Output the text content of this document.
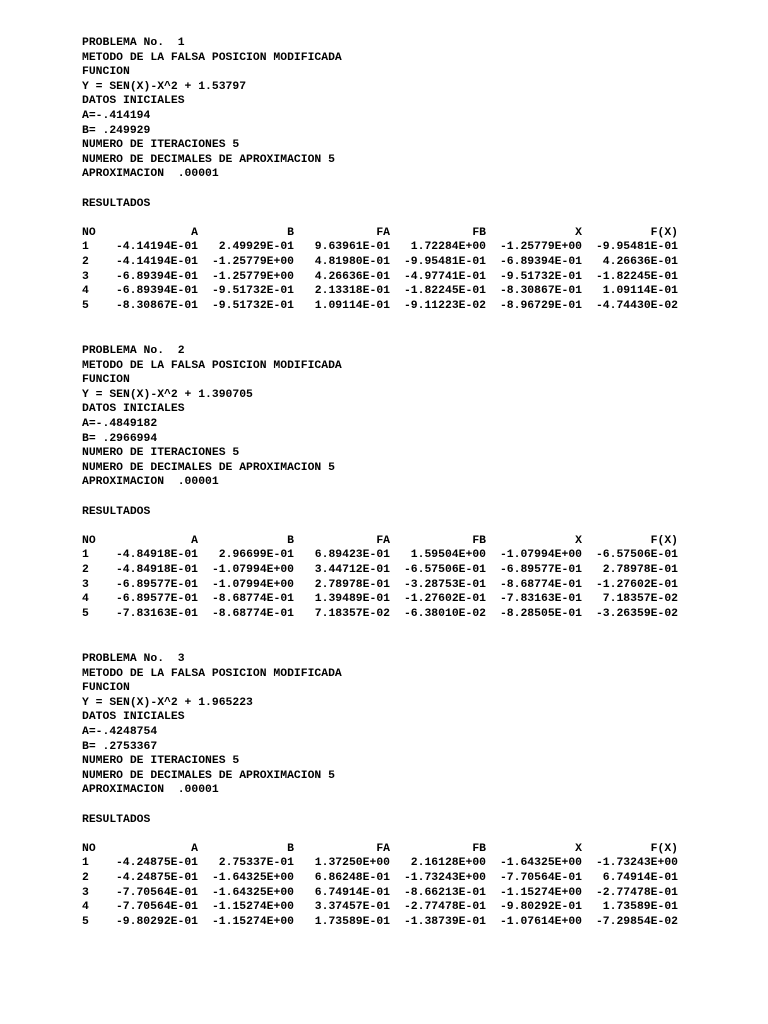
PROBLEMA No.  1
METODO DE LA FALSA POSICION MODIFICADA
FUNCION
Y = SEN(X)-X^2 + 1.53797
DATOS INICIALES
A=-.414194
B= .249929
NUMERO DE ITERACIONES 5
NUMERO DE DECIMALES DE APROXIMACION 5
APROXIMACION  .00001
RESULTADOS
NO	A	B	FA	FB	X	F(X)
1	-4.14194E-01	2.49929E-01	9.63961E-01	1.72284E+00	-1.25779E+00	-9.95481E-01
2	-4.14194E-01	-1.25779E+00	4.81980E-01	-9.95481E-01	-6.89394E-01	4.26636E-01
3	-6.89394E-01	-1.25779E+00	4.26636E-01	-4.97741E-01	-9.51732E-01	-1.82245E-01
4	-6.89394E-01	-9.51732E-01	2.13318E-01	-1.82245E-01	-8.30867E-01	1.09114E-01
5	-8.30867E-01	-9.51732E-01	1.09114E-01	-9.11223E-02	-8.96729E-01	-4.74430E-02
PROBLEMA No.  2
METODO DE LA FALSA POSICION MODIFICADA
FUNCION
Y = SEN(X)-X^2 + 1.390705
DATOS INICIALES
A=-.4849182
B= .2966994
NUMERO DE ITERACIONES 5
NUMERO DE DECIMALES DE APROXIMACION 5
APROXIMACION  .00001
RESULTADOS
NO	A	B	FA	FB	X	F(X)
1	-4.84918E-01	2.96699E-01	6.89423E-01	1.59504E+00	-1.07994E+00	-6.57506E-01
2	-4.84918E-01	-1.07994E+00	3.44712E-01	-6.57506E-01	-6.89577E-01	2.78978E-01
3	-6.89577E-01	-1.07994E+00	2.78978E-01	-3.28753E-01	-8.68774E-01	-1.27602E-01
4	-6.89577E-01	-8.68774E-01	1.39489E-01	-1.27602E-01	-7.83163E-01	7.18357E-02
5	-7.83163E-01	-8.68774E-01	7.18357E-02	-6.38010E-02	-8.28505E-01	-3.26359E-02
PROBLEMA No.  3
METODO DE LA FALSA POSICION MODIFICADA
FUNCION
Y = SEN(X)-X^2 + 1.965223
DATOS INICIALES
A=-.4248754
B= .2753367
NUMERO DE ITERACIONES 5
NUMERO DE DECIMALES DE APROXIMACION 5
APROXIMACION  .00001
RESULTADOS
NO	A	B	FA	FB	X	F(X)
1	-4.24875E-01	2.75337E-01	1.37250E+00	2.16128E+00	-1.64325E+00	-1.73243E+00
2	-4.24875E-01	-1.64325E+00	6.86248E-01	-1.73243E+00	-7.70564E-01	6.74914E-01
3	-7.70564E-01	-1.64325E+00	6.74914E-01	-8.66213E-01	-1.15274E+00	-2.77478E-01
4	-7.70564E-01	-1.15274E+00	3.37457E-01	-2.77478E-01	-9.80292E-01	1.73589E-01
5	-9.80292E-01	-1.15274E+00	1.73589E-01	-1.38739E-01	-1.07614E+00	-7.29854E-02
